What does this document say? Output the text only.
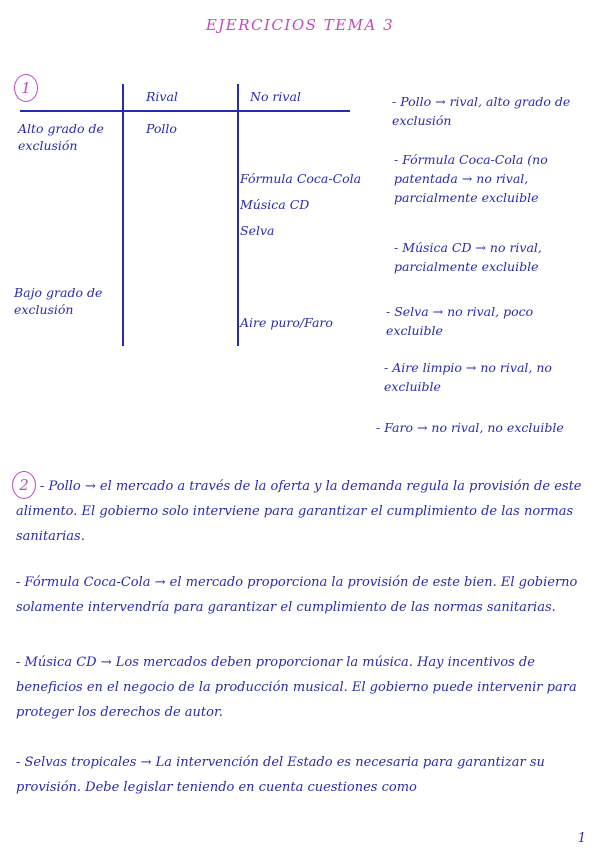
EJERCICIOS TEMA 3
1	Rival	No rival
Alto grado de exclusión
Pollo
Fórmula Coca-Cola
Música CD
Selva
Bajo grado de exclusión
Aire puro/Faro
- Pollo → rival, alto grado de exclusión
- Fórmula Coca-Cola (no patentada → no rival, parcialmente excluible
- Música CD → no rival, parcialmente excluible
- Selva → no rival, poco excluible
- Aire limpio → no rival, no excluible
- Faro → no rival, no excluible
2 - Pollo → el mercado a través de la oferta y la demanda regula la provisión de este alimento. El gobierno solo interviene para garantizar el cumplimiento de las normas sanitarias.
- Fórmula Coca-Cola → el mercado proporciona la provisión de este bien. El gobierno solamente intervendría para garantizar el cumplimiento de las normas sanitarias.
- Música CD → Los mercados deben proporcionar la música. Hay incentivos de beneficios en el negocio de la producción musical. El gobierno puede intervenir para proteger los derechos de autor.
- Selvas tropicales → La intervención del Estado es necesaria para garantizar su provisión. Debe legislar teniendo en cuenta cuestiones como
1
